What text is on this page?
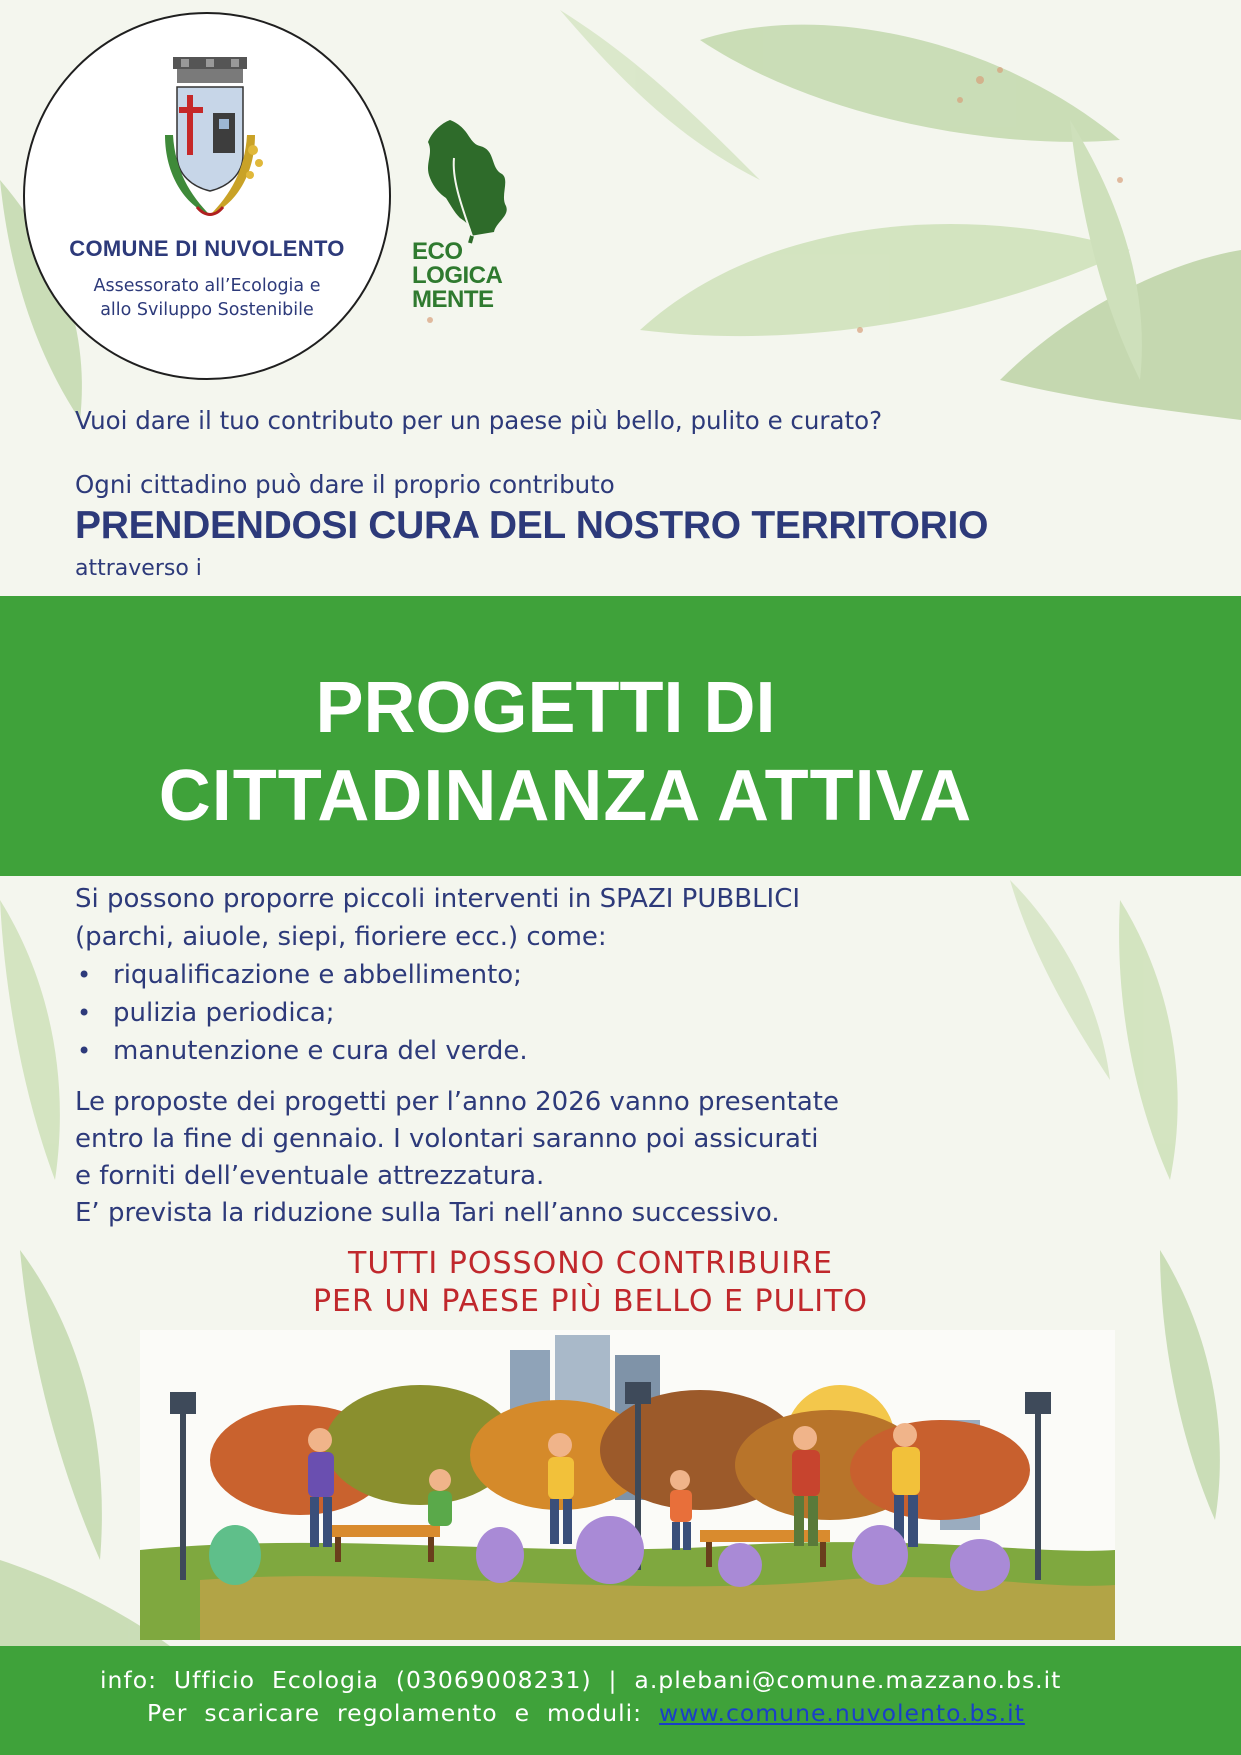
COMUNE DI NUVOLENTO
Assessorato all’Ecologia e
allo Sviluppo Sostenibile
ECO
LOGICA
MENTE
Vuoi dare il tuo contributo per un paese più bello, pulito e curato?
Ogni cittadino può dare il proprio contributo
PRENDENDOSI CURA DEL NOSTRO TERRITORIO
attraverso i
PROGETTI DI
CITTADINANZA ATTIVA
Si possono proporre piccoli interventi in SPAZI PUBBLICI
(parchi, aiuole, siepi, fioriere ecc.) come:
• riqualificazione e abbellimento;
• pulizia periodica;
• manutenzione e cura del verde.
Le proposte dei progetti per l’anno 2026 vanno presentate
entro la fine di gennaio. I volontari saranno poi assicurati
e forniti dell’eventuale attrezzatura.
E’ prevista la riduzione sulla Tari nell’anno successivo.
TUTTI POSSONO CONTRIBUIRE
PER UN PAESE PIÙ BELLO E PULITO
info:  Ufficio  Ecologia  (03069008231)  |  a.plebani@comune.mazzano.bs.it
Per  scaricare  regolamento  e  moduli:  www.comune.nuvolento.bs.it
